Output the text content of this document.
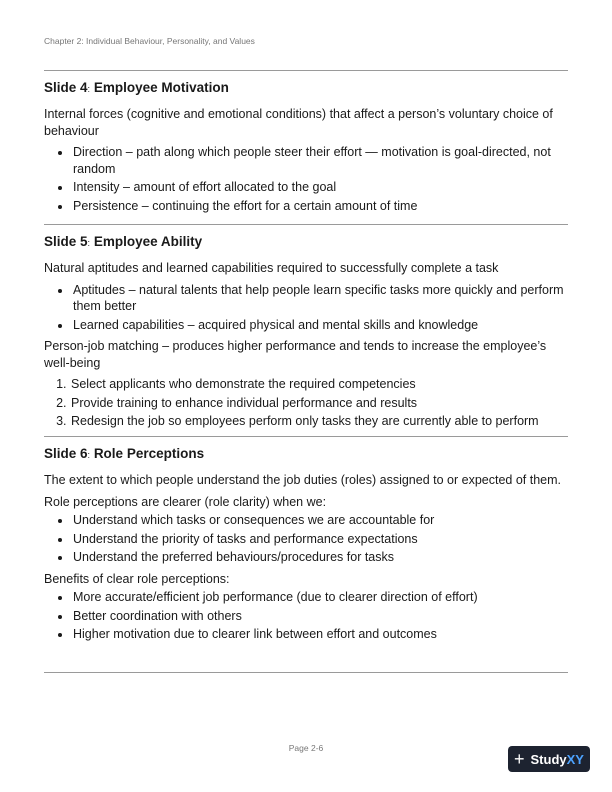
Chapter 2: Individual Behaviour, Personality, and Values
Slide 4: Employee Motivation

Internal forces (cognitive and emotional conditions) that affect a person’s voluntary choice of behaviour

• Direction – path along which people steer their effort — motivation is goal-directed, not random
• Intensity – amount of effort allocated to the goal
• Persistence – continuing the effort for a certain amount of time
Slide 5: Employee Ability

Natural aptitudes and learned capabilities required to successfully complete a task

• Aptitudes – natural talents that help people learn specific tasks more quickly and perform them better
• Learned capabilities – acquired physical and mental skills and knowledge

Person-job matching – produces higher performance and tends to increase the employee’s well-being

1. Select applicants who demonstrate the required competencies
2. Provide training to enhance individual performance and results
3. Redesign the job so employees perform only tasks they are currently able to perform
Slide 6: Role Perceptions

The extent to which people understand the job duties (roles) assigned to or expected of them.

Role perceptions are clearer (role clarity) when we:

• Understand which tasks or consequences we are accountable for
• Understand the priority of tasks and performance expectations
• Understand the preferred behaviours/procedures for tasks

Benefits of clear role perceptions:

• More accurate/efficient job performance (due to clearer direction of effort)
• Better coordination with others
• Higher motivation due to clearer link between effort and outcomes
Page 2-6
+ StudyXY
